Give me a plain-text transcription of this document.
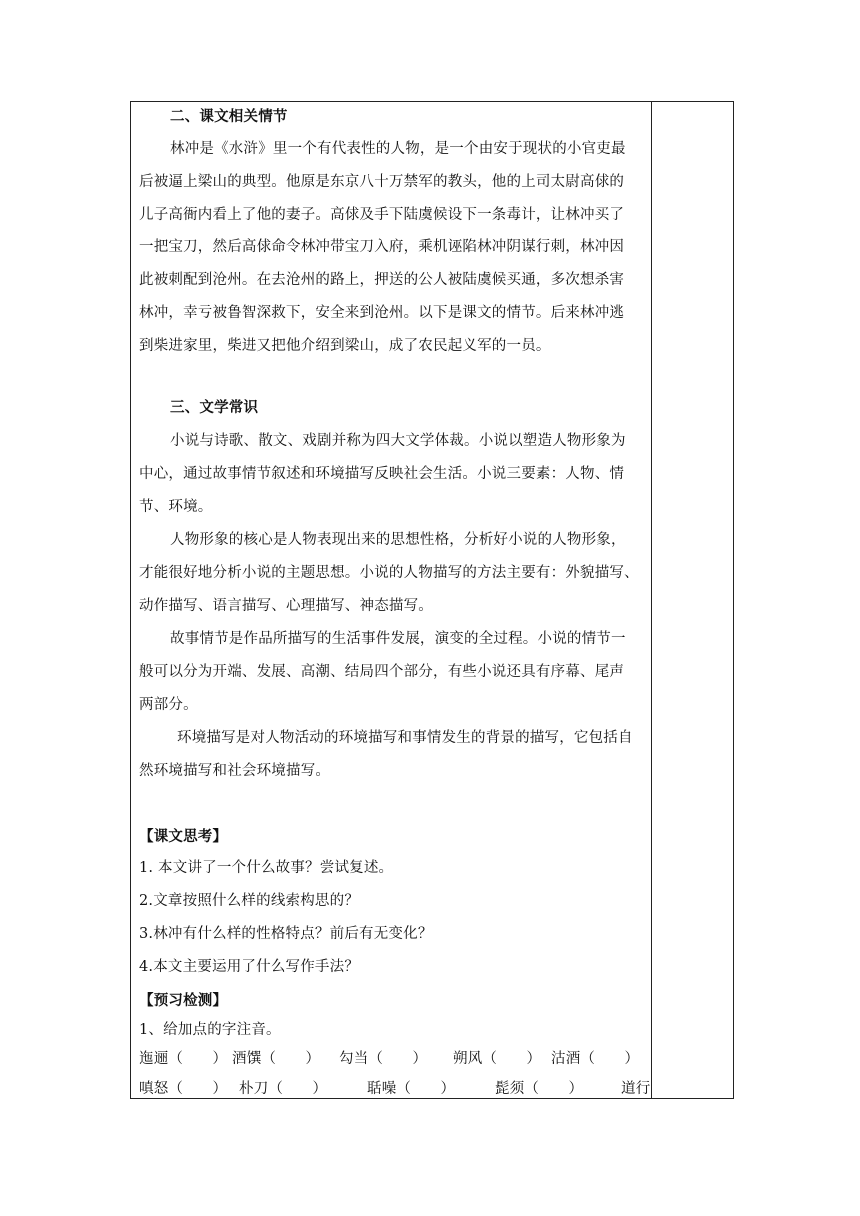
二、课文相关情节
林冲是《水浒》里一个有代表性的人物，是一个由安于现状的小官吏最
后被逼上梁山的典型。他原是东京八十万禁军的教头，他的上司太尉高俅的
儿子高衙内看上了他的妻子。高俅及手下陆虞候设下一条毒计，让林冲买了
一把宝刀，然后高俅命令林冲带宝刀入府，乘机诬陷林冲阴谋行刺，林冲因
此被刺配到沧州。在去沧州的路上，押送的公人被陆虞候买通，多次想杀害
林冲，幸亏被鲁智深救下，安全来到沧州。以下是课文的情节。后来林冲逃
到柴进家里，柴进又把他介绍到梁山，成了农民起义军的一员。
三、文学常识
小说与诗歌、散文、戏剧并称为四大文学体裁。小说以塑造人物形象为
中心，通过故事情节叙述和环境描写反映社会生活。小说三要素：人物、情
节、环境。
人物形象的核心是人物表现出来的思想性格，分析好小说的人物形象，
才能很好地分析小说的主题思想。小说的人物描写的方法主要有：外貌描写、
动作描写、语言描写、心理描写、神态描写。
故事情节是作品所描写的生活事件发展，演变的全过程。小说的情节一
般可以分为开端、发展、高潮、结局四个部分，有些小说还具有序幕、尾声
两部分。
环境描写是对人物活动的环境描写和事情发生的背景的描写，它包括自
然环境描写和社会环境描写。
【课文思考】
1. 本文讲了一个什么故事？尝试复述。
2.文章按照什么样的线索构思的？
3.林冲有什么样的性格特点？前后有无变化？
4.本文主要运用了什么写作手法？
【预习检测】
1、给加点的字注音。
迤逦（　　） 酒馔（　　） 勾当（　　） 朔风（　　） 沽酒（　　）
嗔怒（　　） 朴刀（　　）	聒噪（　　）	髭须（　　）	道行
